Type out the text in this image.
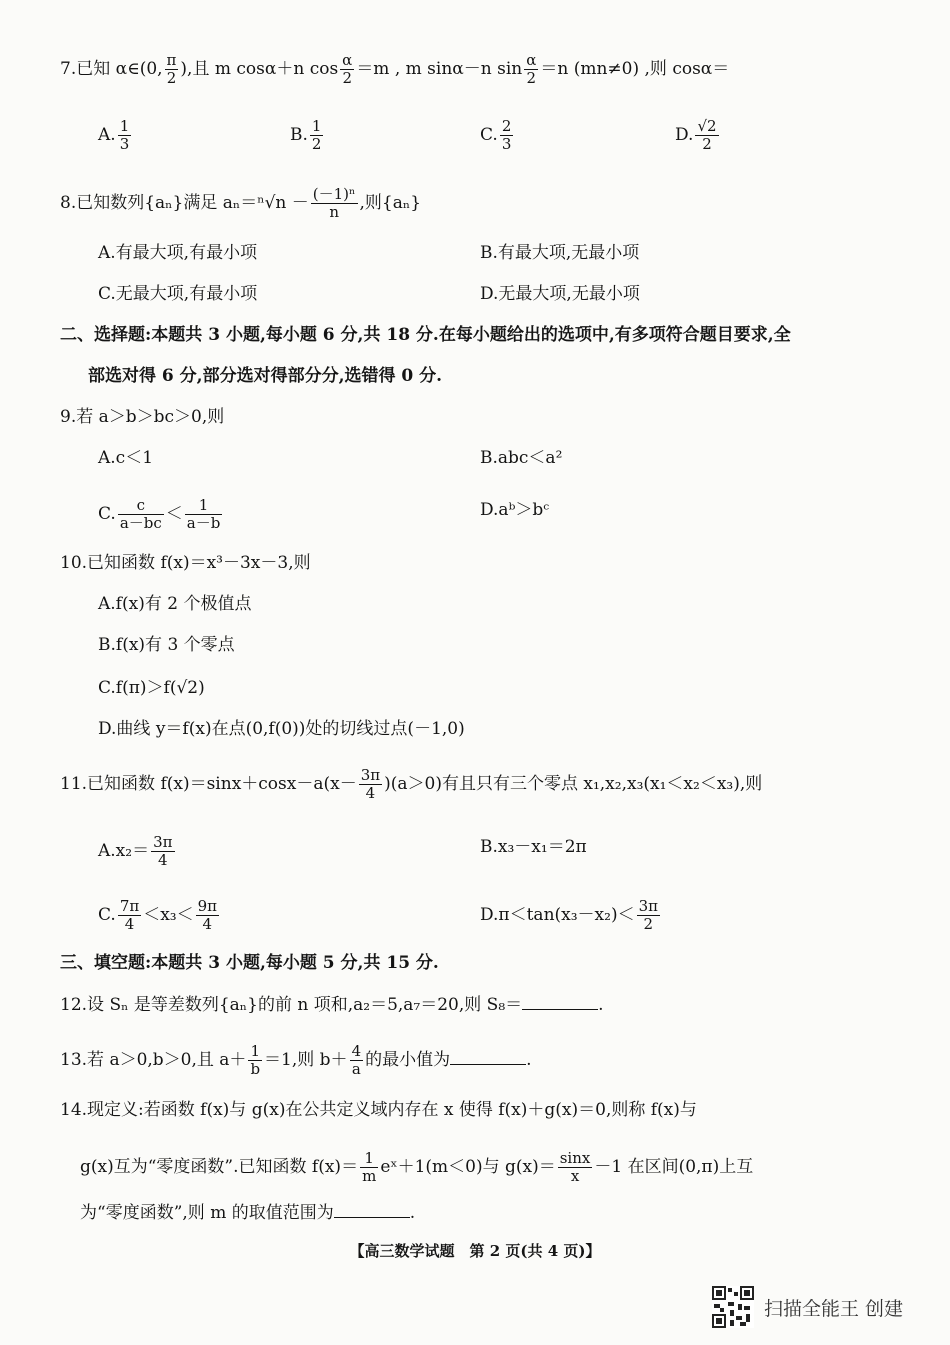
7.已知 α∈(0, $\frac{\pi}{2}$ ),且 m cosα＋n $\cos \frac{\alpha}{2} =m$ , m sinα－n $\sin \frac{\alpha}{2} =n$ (mn≠0) ,则 cosα＝
A. $\frac{1}{3}$	B. $\frac{1}{2}$	C. $\frac{2}{3}$	D. $\frac{√2}{2}$
8.已知数列{aₙ}满足 $a_n=^n√n - \frac{\text{(－1)ⁿ}}{n}$ ,则{aₙ}
A.有最大项,有最小项	B.有最大项,无最小项
C.无最大项,有最小项	D.无最大项,无最小项
二、选择题:本题共 3 小题,每小题 6 分,共 18 分.在每小题给出的选项中,有多项符合题目要求,全
部选对得 6 分,部分选对得部分分,选错得 0 分.
9.若 a＞b＞bc＞0,则
A.c＜1	B.abc＜a²
C. $\frac{c}{a-bc} < \frac{1}{a-b}$	D.aᵇ＞bᶜ
10.已知函数 f(x)＝x³－3x－3,则
A.f(x)有 2 个极值点
B.f(x)有 3 个零点
C.f(π)＞f(√2)
D.曲线 y＝f(x)在点(0,f(0))处的切线过点(－1,0)
11.已知函数 $f(x)=\sin x+\cos x-a(x- \frac{3\pi}{4} )(a>0)$有且只有三个零点 x₁,x₂,x₃(x₁＜x₂＜x₃),则
$A.x_2= \frac{3\pi}{4}$	B.x₃－x₁＝2π
C. $\frac{7\pi}{4} <x_3< \frac{9\pi}{4}$	$D.\pi<\tan(x_3-x_2)< \frac{3\pi}{2}$
三、填空题:本题共 3 小题,每小题 5 分,共 15 分.
12.设 Sₙ 是等差数列{aₙ}的前 n 项和,a₂＝5,a₇＝20,则 S₈＝	.
13.若 a＞0,b＞0,且 $a+ \frac{1}{b} =1$,则 $b+ \frac{4}{a}$ 的最小值为	.
14.现定义:若函数 f(x)与 g(x)在公共定义域内存在 x 使得 f(x)＋g(x)＝0,则称 f(x)与
g(x)互为“零度函数”.已知函数 $f(x)= \frac{1}{m}$ eˣ＋1(m＜0)与 $g(x)= \frac{\sin x}{x} -1$ 在区间(0,π)上互
为“零度函数”,则 m 的取值范围为	.
【高三数学试题　第 2 页(共 4 页)】
扫描全能王 创建
